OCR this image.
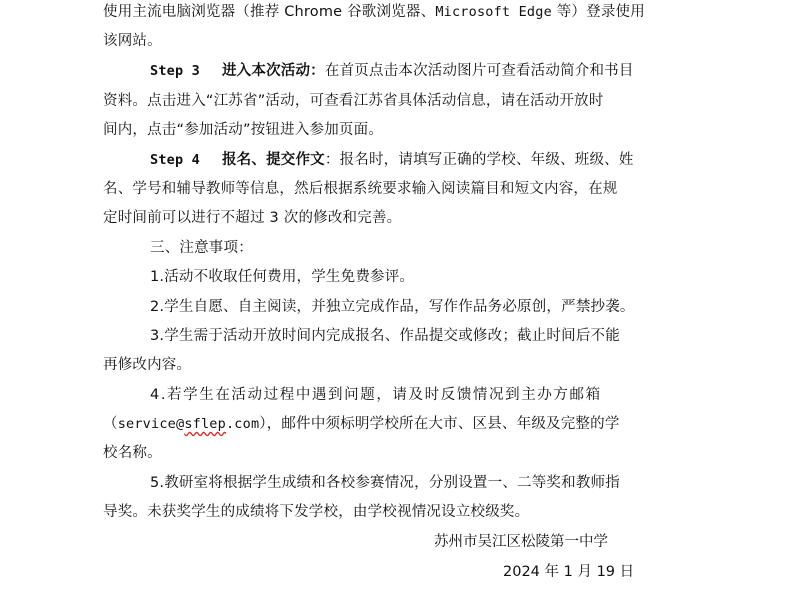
使用主流电脑浏览器（推荐 Chrome 谷歌浏览器、Microsoft Edge 等）登录使用
该网站。
Step 3 进入本次活动：在首页点击本次活动图片可查看活动简介和书目
资料。点击进入“江苏省”活动，可查看江苏省具体活动信息，请在活动开放时
间内，点击“参加活动”按钮进入参加页面。
Step 4 报名、提交作文：报名时，请填写正确的学校、年级、班级、姓
名、学号和辅导教师等信息，然后根据系统要求输入阅读篇目和短文内容，在规
定时间前可以进行不超过 3 次的修改和完善。
三、注意事项：
1.活动不收取任何费用，学生免费参评。
2.学生自愿、自主阅读，并独立完成作品，写作作品务必原创，严禁抄袭。
3.学生需于活动开放时间内完成报名、作品提交或修改；截止时间后不能
再修改内容。
4.若学生在活动过程中遇到问题，请及时反馈情况到主办方邮箱
（service@sflep.com），邮件中须标明学校所在大市、区县、年级及完整的学
校名称。
5.教研室将根据学生成绩和各校参赛情况，分别设置一、二等奖和教师指
导奖。未获奖学生的成绩将下发学校，由学校视情况设立校级奖。
苏州市吴江区松陵第一中学
2024 年 1 月 19 日
